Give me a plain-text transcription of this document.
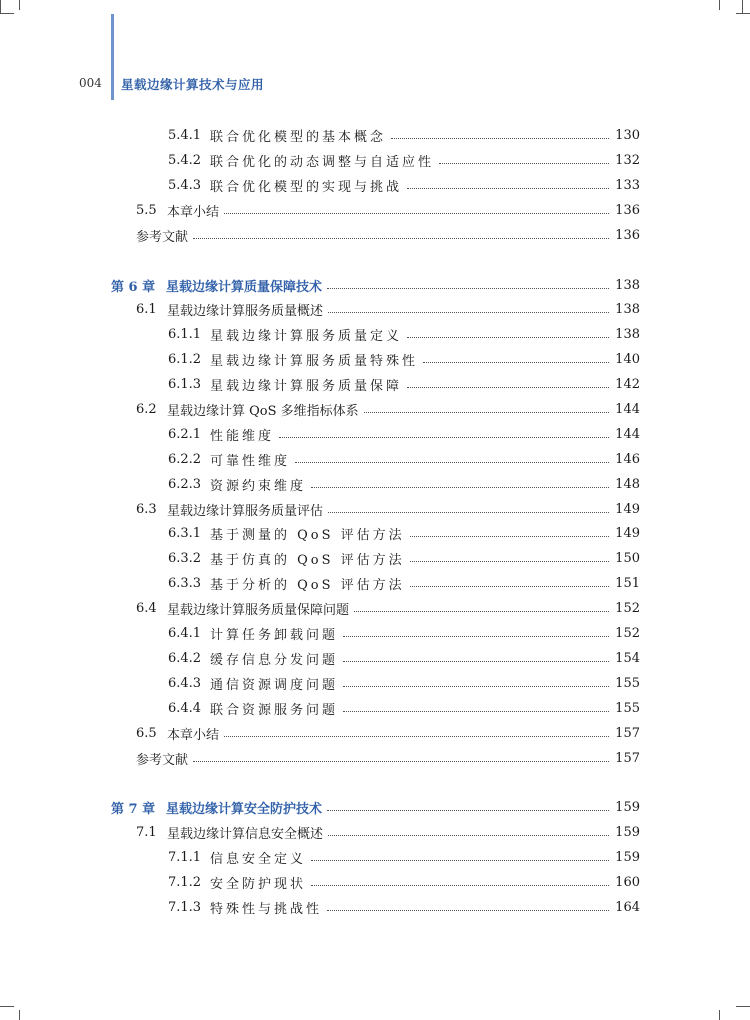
004 星载边缘计算技术与应用
5.4.1 联合优化模型的基本概念	130
5.4.2 联合优化的动态调整与自适应性	132
5.4.3 联合优化模型的实现与挑战	133
5.5 本章小结	136
参考文献	136
第 6 章 星载边缘计算质量保障技术	138
6.1 星载边缘计算服务质量概述	138
6.1.1 星载边缘计算服务质量定义	138
6.1.2 星载边缘计算服务质量特殊性	140
6.1.3 星载边缘计算服务质量保障	142
6.2 星载边缘计算 QoS 多维指标体系	144
6.2.1 性能维度	144
6.2.2 可靠性维度	146
6.2.3 资源约束维度	148
6.3 星载边缘计算服务质量评估	149
6.3.1 基于测量的 QoS 评估方法	149
6.3.2 基于仿真的 QoS 评估方法	150
6.3.3 基于分析的 QoS 评估方法	151
6.4 星载边缘计算服务质量保障问题	152
6.4.1 计算任务卸载问题	152
6.4.2 缓存信息分发问题	154
6.4.3 通信资源调度问题	155
6.4.4 联合资源服务问题	155
6.5 本章小结	157
参考文献	157
第 7 章 星载边缘计算安全防护技术	159
7.1 星载边缘计算信息安全概述	159
7.1.1 信息安全定义	159
7.1.2 安全防护现状	160
7.1.3 特殊性与挑战性	164
